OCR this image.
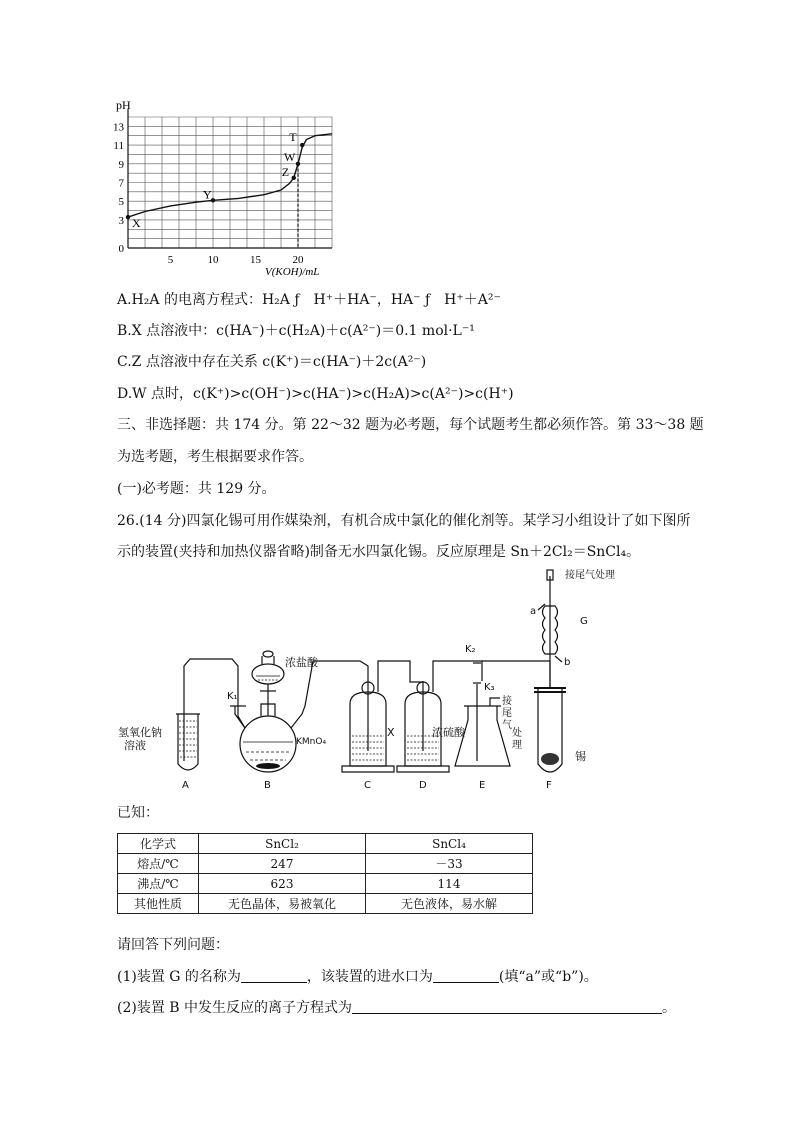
5	10	15	20
0
3
5
7
9
11
13
X
Y
Z
W
T
pH
V(KOH)/mL
A.H₂A 的电离方程式：H₂A ƒ　H⁺＋HA⁻，HA⁻ ƒ　H⁺＋A²⁻
B.X 点溶液中：c(HA⁻)＋c(H₂A)＋c(A²⁻)＝0.1 mol·L⁻¹
C.Z 点溶液中存在关系 c(K⁺)＝c(HA⁻)＋2c(A²⁻)
D.W 点时，c(K⁺)>c(OH⁻)>c(HA⁻)>c(H₂A)>c(A²⁻)>c(H⁺)
三、非选择题：共 174 分。第 22～32 题为必考题，每个试题考生都必须作答。第 33～38 题
为选考题，考生根据要求作答。
(一)必考题：共 129 分。
26.(14 分)四氯化锡可用作媒染剂，有机合成中氯化的催化剂等。某学习小组设计了如下图所
示的装置(夹持和加热仪器省略)制备无水四氯化锡。反应原理是 Sn＋2Cl₂＝SnCl₄。
氢氧化钠
溶液
浓盐酸
K₁
KMnO₄
X	浓硫酸
K₂
K₃
接
尾
气
处
理
接尾气处理
a
b
G
锡
A	B	C	D	E	F
已知：
化学式	SnCl₂	SnCl₄
熔点/℃	247	－33
沸点/℃	623	114
其他性质	无色晶体，易被氧化	无色液体，易水解
请回答下列问题：
(1)装置 G 的名称为	，该装置的进水口为	(填“a”或“b”)。
(2)装置 B 中发生反应的离子方程式为	。
